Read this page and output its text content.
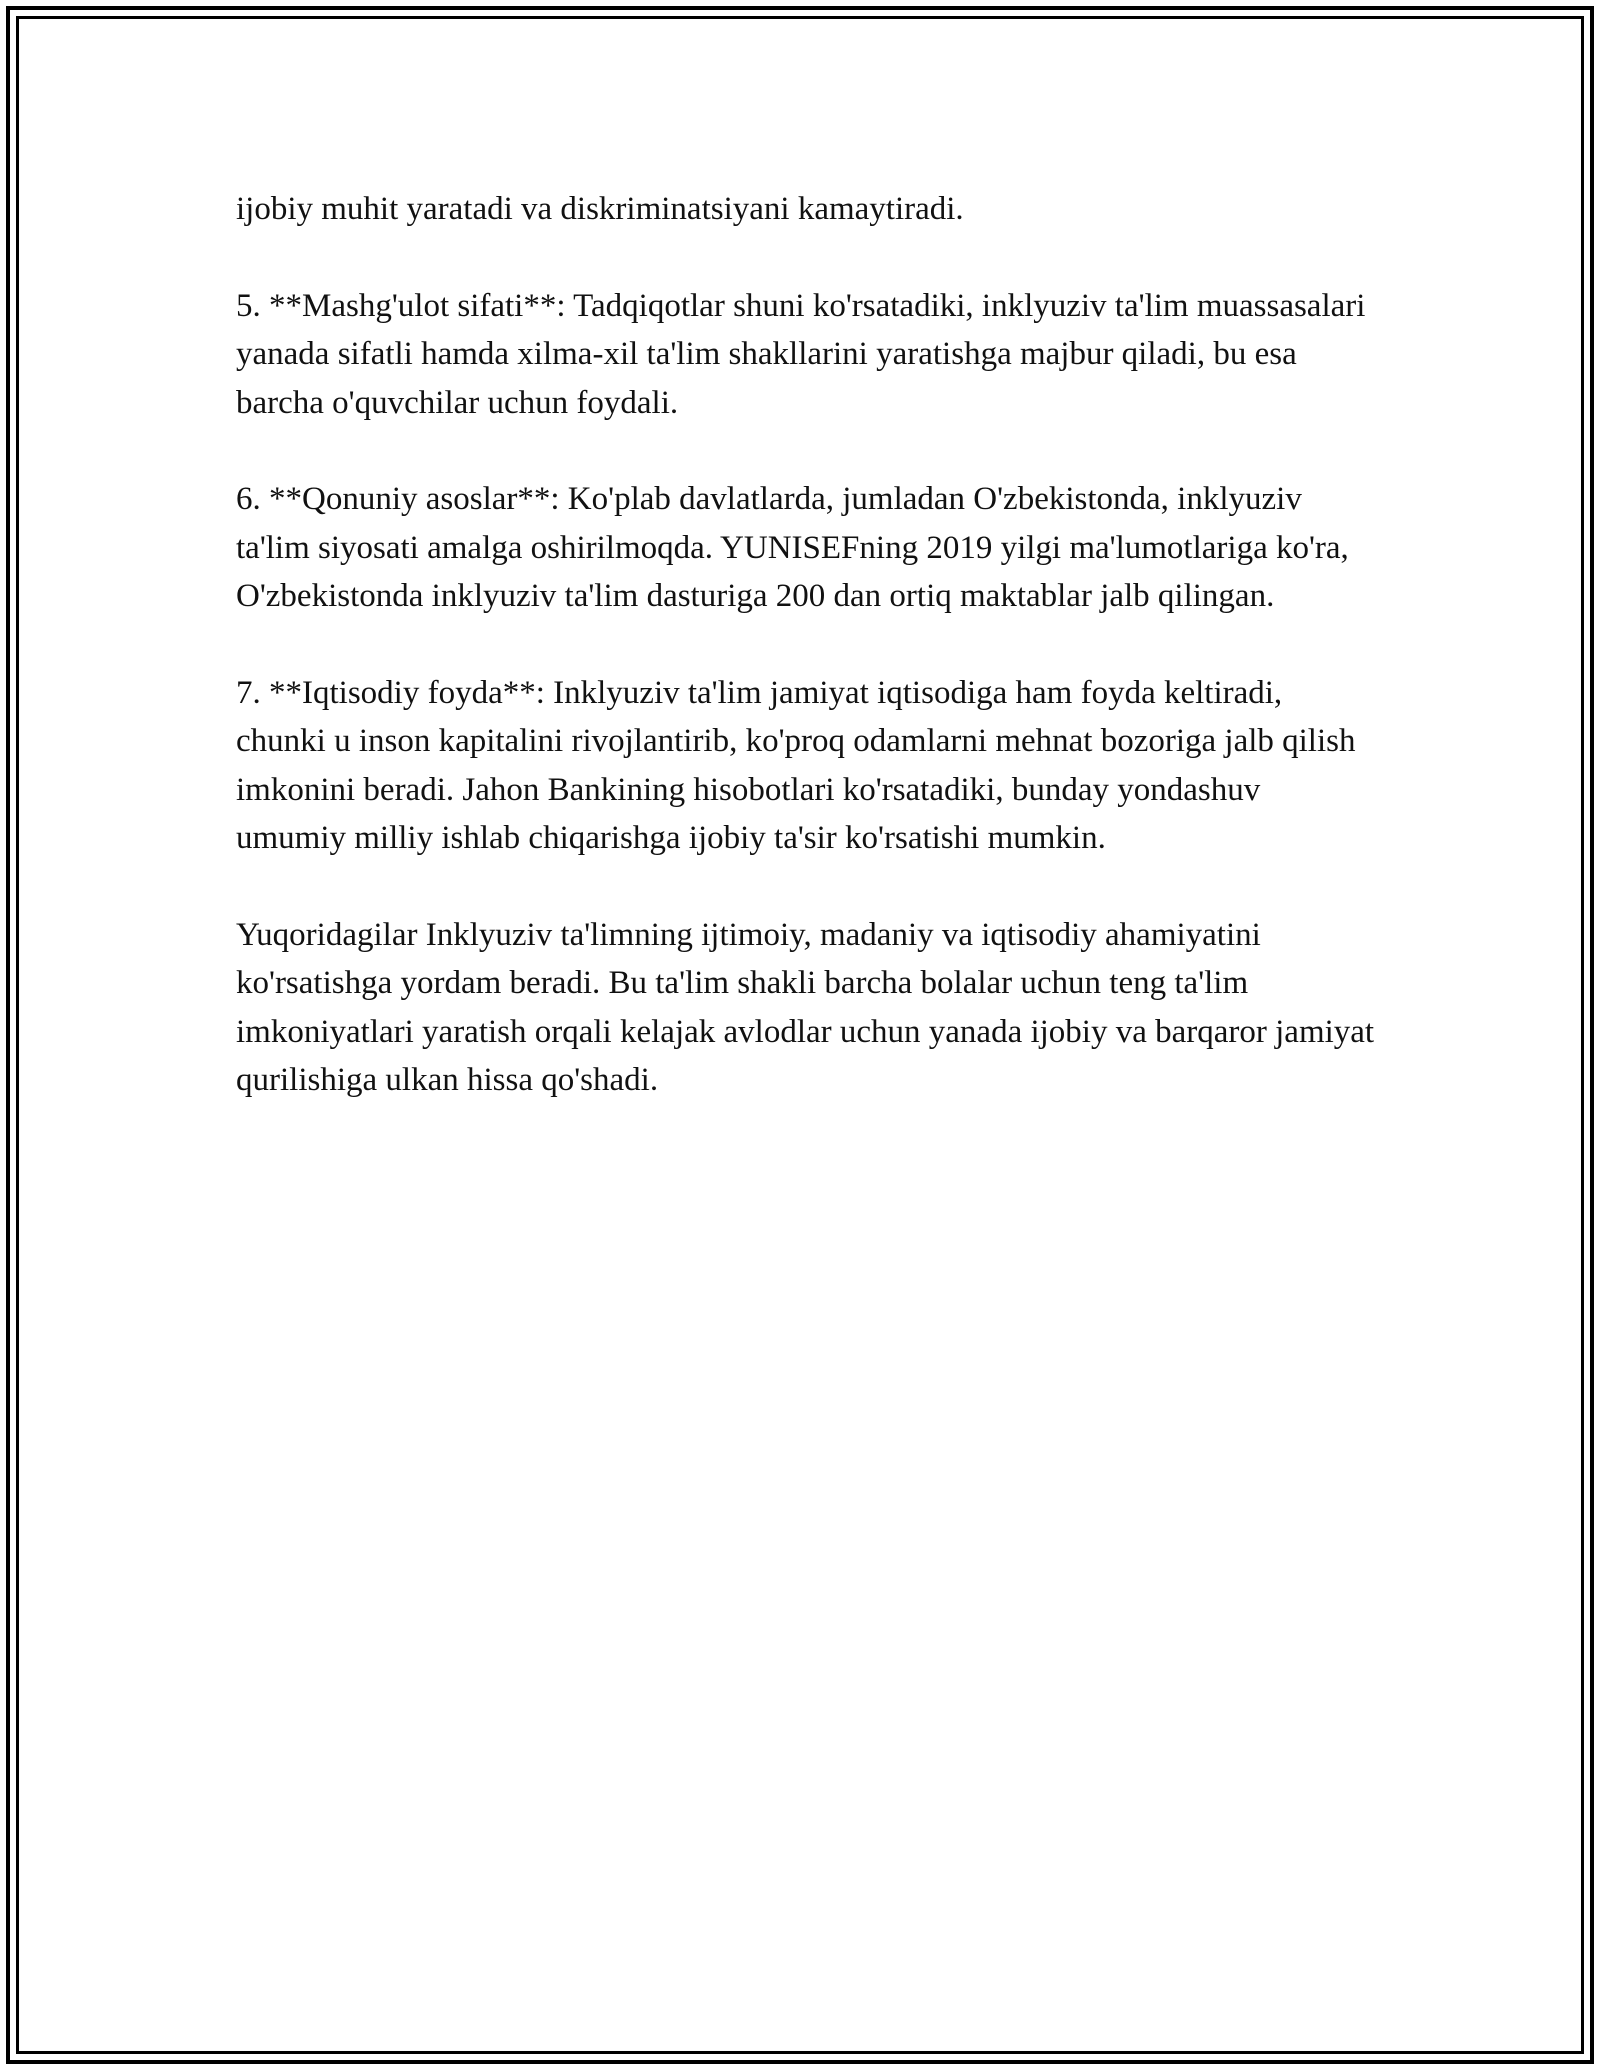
ijobiy muhit yaratadi va diskriminatsiyani kamaytiradi.

5. **Mashg'ulot sifati**: Tadqiqotlar shuni ko'rsatadiki, inklyuziv ta'lim muassasalari yanada sifatli hamda xilma-xil ta'lim shakllarini yaratishga majbur qiladi, bu esa barcha o'quvchilar uchun foydali.

6. **Qonuniy asoslar**: Ko'plab davlatlarda, jumladan O'zbekistonda, inklyuziv ta'lim siyosati amalga oshirilmoqda. YUNISEFning 2019 yilgi ma'lumotlariga ko'ra, O'zbekistonda inklyuziv ta'lim dasturiga 200 dan ortiq maktablar jalb qilingan.

7. **Iqtisodiy foyda**: Inklyuziv ta'lim jamiyat iqtisodiga ham foyda keltiradi, chunki u inson kapitalini rivojlantirib, ko'proq odamlarni mehnat bozoriga jalb qilish imkonini beradi. Jahon Bankining hisobotlari ko'rsatadiki, bunday yondashuv umumiy milliy ishlab chiqarishga ijobiy ta'sir ko'rsatishi mumkin.

Yuqoridagilar Inklyuziv ta'limning ijtimoiy, madaniy va iqtisodiy ahamiyatini ko'rsatishga yordam beradi. Bu ta'lim shakli barcha bolalar uchun teng ta'lim imkoniyatlari yaratish orqali kelajak avlodlar uchun yanada ijobiy va barqaror jamiyat qurilishiga ulkan hissa qo'shadi.
